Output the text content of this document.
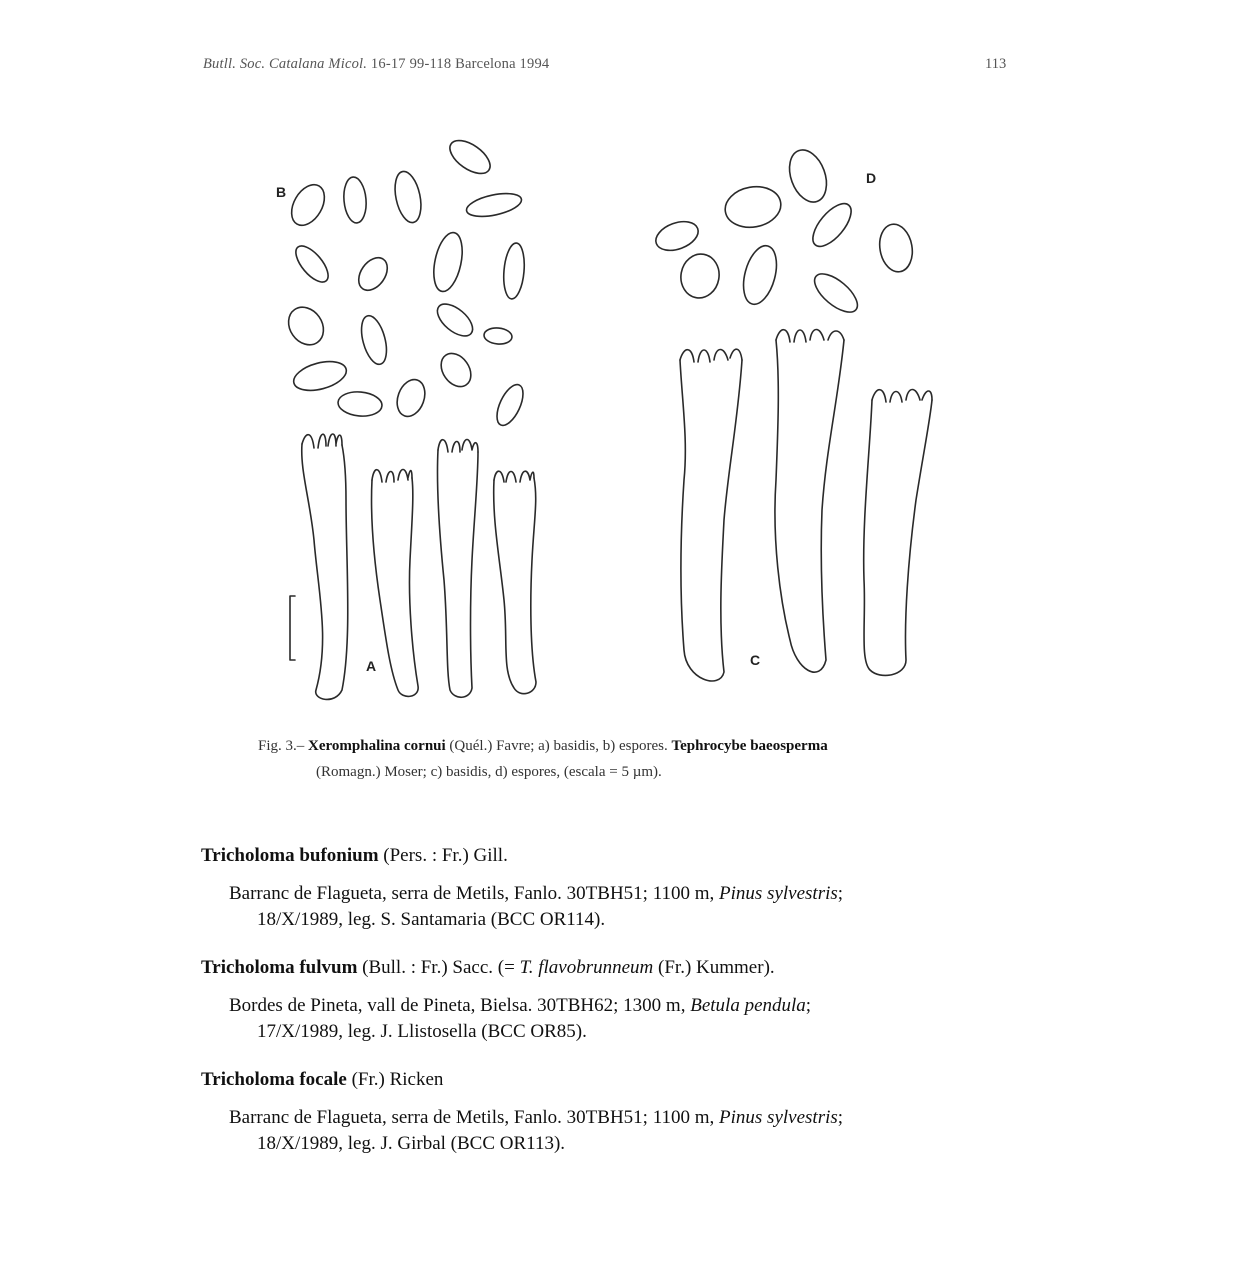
Butll. Soc. Catalana Micol. 16-17 99-118 Barcelona 1994	113
B
D
A	C
Fig. 3.– Xeromphalina cornui (Quél.) Favre; a) basidis, b) espores. Tephrocybe baeosperma
(Romagn.) Moser; c) basidis, d) espores, (escala = 5 µm).
Tricholoma bufonium (Pers. : Fr.) Gill.
Barranc de Flagueta, serra de Metils, Fanlo. 30TBH51; 1100 m, Pinus sylvestris;
18/X/1989, leg. S. Santamaria (BCC OR114).
Tricholoma fulvum (Bull. : Fr.) Sacc. (= T. flavobrunneum (Fr.) Kummer).
Bordes de Pineta, vall de Pineta, Bielsa. 30TBH62; 1300 m, Betula pendula;
17/X/1989, leg. J. Llistosella (BCC OR85).
Tricholoma focale (Fr.) Ricken
Barranc de Flagueta, serra de Metils, Fanlo. 30TBH51; 1100 m, Pinus sylvestris;
18/X/1989, leg. J. Girbal (BCC OR113).
